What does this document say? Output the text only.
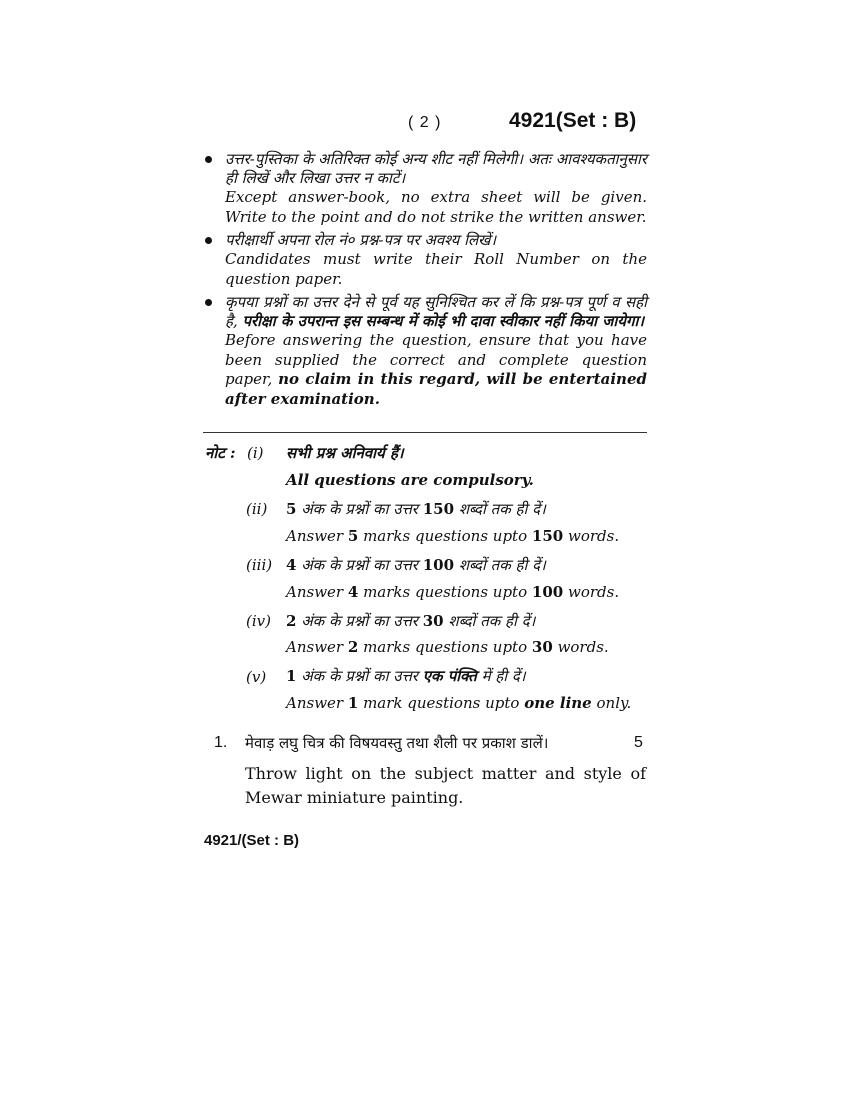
( 2 )	4921(Set : B)
उत्तर-पुस्तिका के अतिरिक्त कोई अन्य शीट नहीं मिलेगी। अतः आवश्यकतानुसार ही लिखें और लिखा उत्तर न काटें।
Except answer-book, no extra sheet will be given. Write to the point and do not strike the written answer.
परीक्षार्थी अपना रोल नं० प्रश्न-पत्र पर अवश्य लिखें।
Candidates must write their Roll Number on the question paper.
कृपया प्रश्नों का उत्तर देने से पूर्व यह सुनिश्चित कर लें कि प्रश्न-पत्र पूर्ण व सही है, परीक्षा के उपरान्त इस सम्बन्ध में कोई भी दावा स्वीकार नहीं किया जायेगा।
Before answering the question, ensure that you have been supplied the correct and complete question paper, no claim in this regard, will be entertained after examination.
नोट : (i) सभी प्रश्न अनिवार्य हैं।
All questions are compulsory.
(ii) 5 अंक के प्रश्नों का उत्तर 150 शब्दों तक ही दें।
Answer 5 marks questions upto 150 words.
(iii) 4 अंक के प्रश्नों का उत्तर 100 शब्दों तक ही दें।
Answer 4 marks questions upto 100 words.
(iv) 2 अंक के प्रश्नों का उत्तर 30 शब्दों तक ही दें।
Answer 2 marks questions upto 30 words.
(v) 1 अंक के प्रश्नों का उत्तर एक पंक्ति में ही दें।
Answer 1 mark questions upto one line only.
1. मेवाड़ लघु चित्र की विषयवस्तु तथा शैली पर प्रकाश डालें।	5
Throw light on the subject matter and style of Mewar miniature painting.
4921/(Set : B)
